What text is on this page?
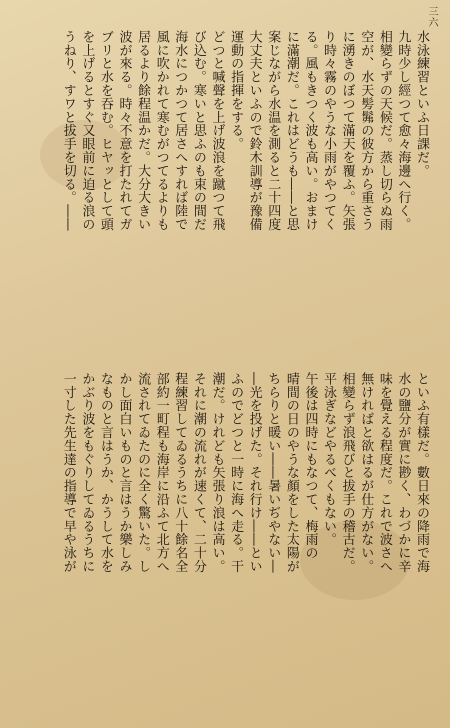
三六
水泳練習といふ日課だ。
九時少し經つて愈々海邊へ行く。
相變らずの天候だ。蒸し切らぬ雨
空が、水天髣髴の彼方から重さう
に湧きのぼつて滿天を覆ふ。矢張
り時々霧のやうな小雨がやつてく
る。風もきつく波も高い。おまけ
に滿潮だ。これはどうも――と思
案じながら水温を測ると二十四度
大丈夫といふので鈴木訓導が豫備
運動の指揮をする。
どつと喊聲を上げ波浪を蹴つて飛
び込む。寒いと思ふのも束の間だ
海水につかつて居さへすれば陸で
風に吹かれて寒むがつてるよりも
居るより餘程温かだ。大分大きい
波が來る。時々不意を打たれてガ
ブリと水を吞む。ヒヤッとして頭
を上げるとすぐ又眼前に迫る浪の
うねり、すワと拔手を切る。――
といふ有樣だ。數日來の降雨で海
水の鹽分が實に尠く、わづかに辛
味を覺える程度だ。これで波さへ
無ければと欲はるが仕方がない。
相變らず浪飛びと拔手の稽古だ。
平泳ぎなどやるべくもない。
午後は四時にもなつて、梅雨の
晴間の日のやうな顏をした太陽が
ちらりと暖い――暑いぢやない―
―光を投げた。それ行け――とい
ふのでどつと一時に海へ走る。干
潮だ。けれども矢張り浪は高い。
それに潮の流れが速くて、二十分
程練習してゐるうちに八十餘名全
部約一町程も海岸に沿ふて北方へ
流されてゐたのに全く驚いた。し
かし面白いものと言はうか樂しみ
なものと言はうか、かうして水を
かぶり波をもぐりしてゐるうちに
一寸した先生達の指導で早や泳が
